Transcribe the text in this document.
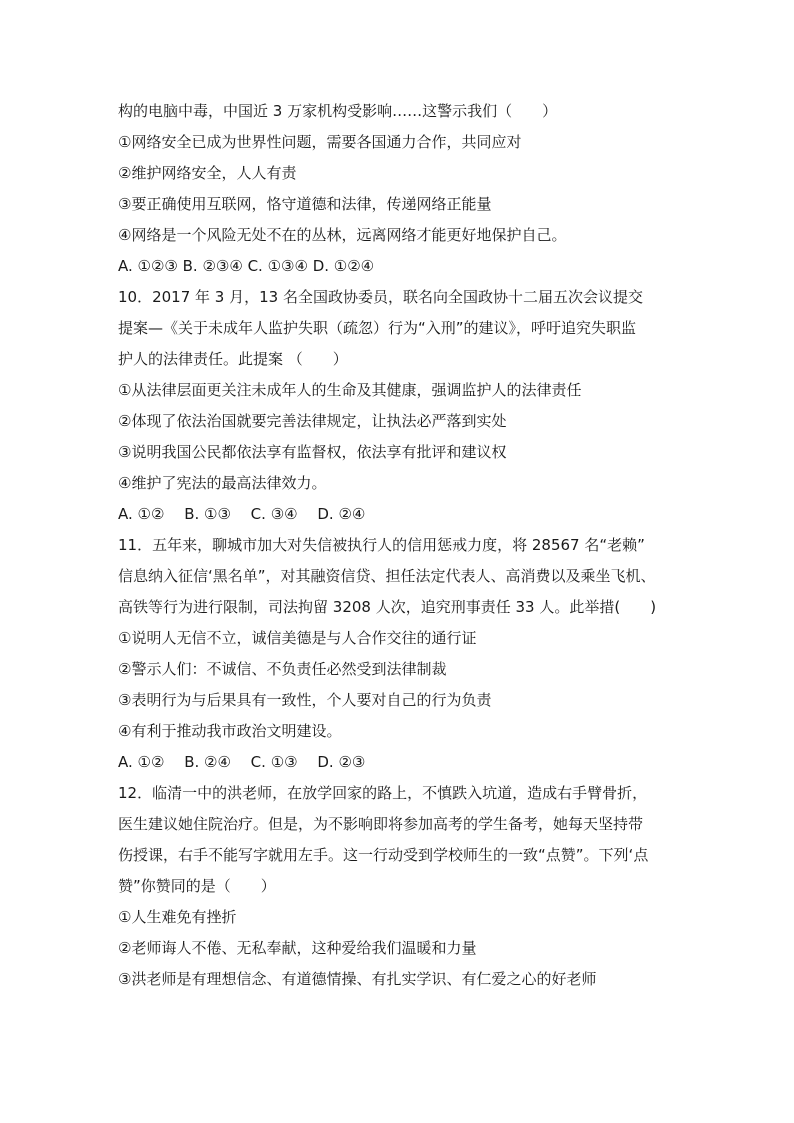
构的电脑中毒，中国近 3 万家机构受影响……这警示我们（　　）
①网络安全已成为世界性问题，需要各国通力合作，共同应对
②维护网络安全，人人有责
③要正确使用互联网，恪守道德和法律，传递网络正能量
④网络是一个风险无处不在的丛林，远离网络才能更好地保护自己。
A. ①②③ B. ②③④ C. ①③④ D. ①②④
10．2017 年 3 月，13 名全国政协委员，联名向全国政协十二届五次会议提交
提案—《关于未成年人监护失职（疏忽）行为“入刑”的建议》，呼吁追究失职监
护人的法律责任。此提案 （　　）
①从法律层面更关注未成年人的生命及其健康，强调监护人的法律责任
②体现了依法治国就要完善法律规定，让执法必严落到实处
③说明我国公民都依法享有监督权，依法享有批评和建议权
④维护了宪法的最高法律效力。
A. ①②　 B. ①③　 C. ③④　 D. ②④
11．五年来，聊城市加大对失信被执行人的信用惩戒力度，将 28567 名“老赖”
信息纳入征信‘黑名单”，对其融资信贷、担任法定代表人、高消费以及乘坐飞机、
高铁等行为进行限制，司法拘留 3208 人次，追究刑事责任 33 人。此举措(　　)
①说明人无信不立，诚信美德是与人合作交往的通行证
②警示人们：不诚信、不负责任必然受到法律制裁
③表明行为与后果具有一致性，个人要对自己的行为负责
④有利于推动我市政治文明建设。
A. ①②　 B. ②④　 C. ①③　 D. ②③
12．临清一中的洪老师，在放学回家的路上，不慎跌入坑道，造成右手臂骨折，
医生建议她住院治疗。但是，为不影响即将参加高考的学生备考，她每天坚持带
伤授课，右手不能写字就用左手。这一行动受到学校师生的一致“点赞”。下列‘点
赞”你赞同的是（　　）
①人生难免有挫折
②老师诲人不倦、无私奉献，这种爱给我们温暖和力量
③洪老师是有理想信念、有道德情操、有扎实学识、有仁爱之心的好老师
